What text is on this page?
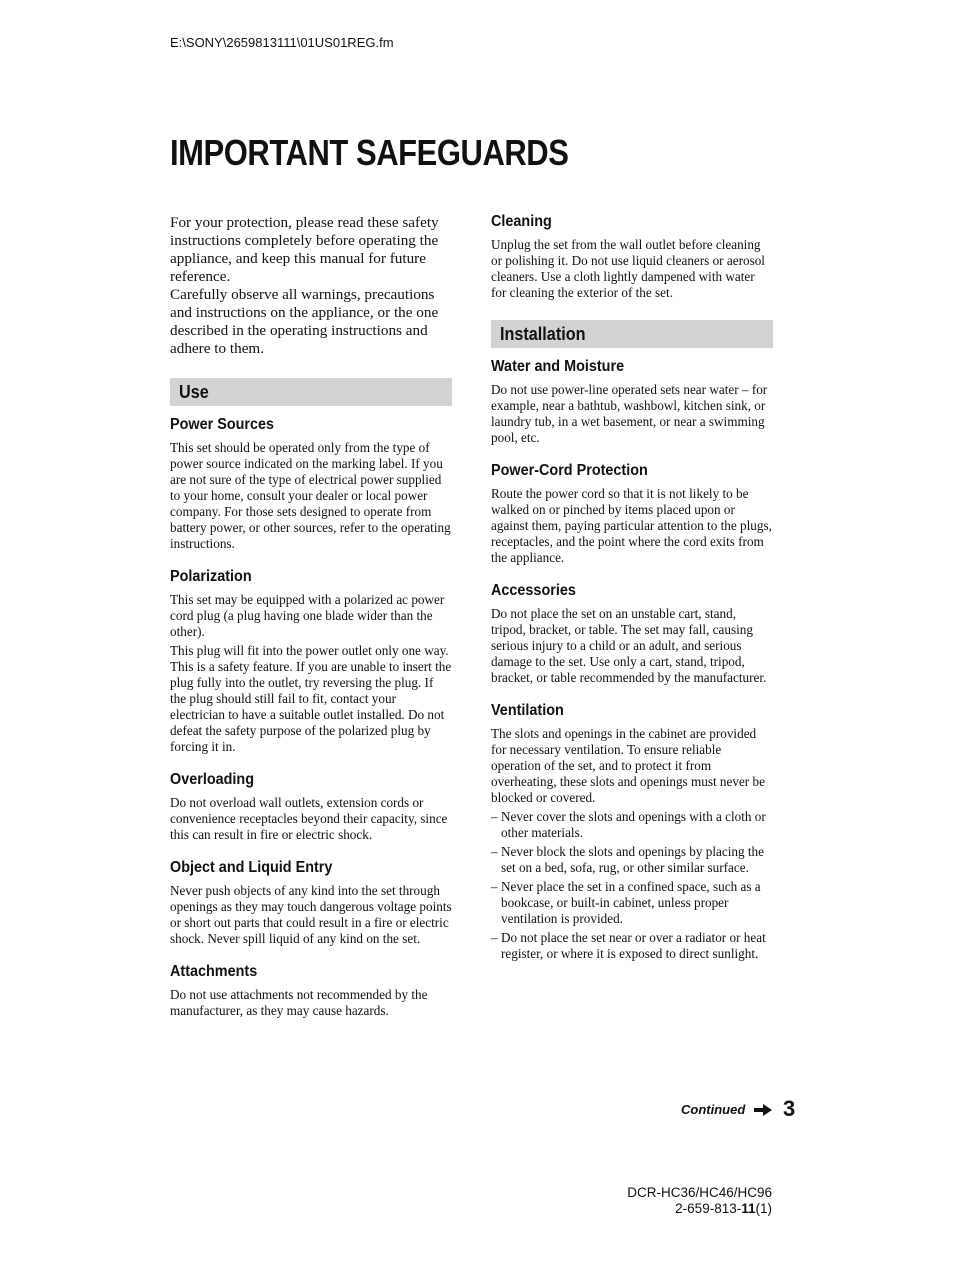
E:\SONY\2659813111\01US01REG.fm
IMPORTANT SAFEGUARDS

For your protection, please read these safety instructions completely before operating the appliance, and keep this manual for future reference.

Carefully observe all warnings, precautions and instructions on the appliance, or the one described in the operating instructions and adhere to them.

Use
Power Sources

This set should be operated only from the type of power source indicated on the marking label. If you are not sure of the type of electrical power supplied to your home, consult your dealer or local power company. For those sets designed to operate from battery power, or other sources, refer to the operating instructions.

Polarization

This set may be equipped with a polarized ac power cord plug (a plug having one blade wider than the other).

This plug will fit into the power outlet only one way. This is a safety feature. If you are unable to insert the plug fully into the outlet, try reversing the plug. If the plug should still fail to fit, contact your electrician to have a suitable outlet installed. Do not defeat the safety purpose of the polarized plug by forcing it in.

Overloading

Do not overload wall outlets, extension cords or convenience receptacles beyond their capacity, since this can result in fire or electric shock.

Object and Liquid Entry

Never push objects of any kind into the set through openings as they may touch dangerous voltage points or short out parts that could result in a fire or electric shock. Never spill liquid of any kind on the set.

Attachments

Do not use attachments not recommended by the manufacturer, as they may cause hazards.

Cleaning

Unplug the set from the wall outlet before cleaning or polishing it. Do not use liquid cleaners or aerosol cleaners. Use a cloth lightly dampened with water for cleaning the exterior of the set.

Installation
Water and Moisture

Do not use power-line operated sets near water – for example, near a bathtub, washbowl, kitchen sink, or laundry tub, in a wet basement, or near a swimming pool, etc.

Power-Cord Protection

Route the power cord so that it is not likely to be walked on or pinched by items placed upon or against them, paying particular attention to the plugs, receptacles, and the point where the cord exits from the appliance.

Accessories

Do not place the set on an unstable cart, stand, tripod, bracket, or table. The set may fall, causing serious injury to a child or an adult, and serious damage to the set. Use only a cart, stand, tripod, bracket, or table recommended by the manufacturer.

Ventilation

The slots and openings in the cabinet are provided for necessary ventilation. To ensure reliable operation of the set, and to protect it from overheating, these slots and openings must never be blocked or covered.

– Never cover the slots and openings with a cloth or other materials.
– Never block the slots and openings by placing the set on a bed, sofa, rug, or other similar surface.
– Never place the set in a confined space, such as a bookcase, or built-in cabinet, unless proper ventilation is provided.
– Do not place the set near or over a radiator or heat register, or where it is exposed to direct sunlight.
Continued 3
DCR-HC36/HC46/HC96
2-659-813-11(1)
